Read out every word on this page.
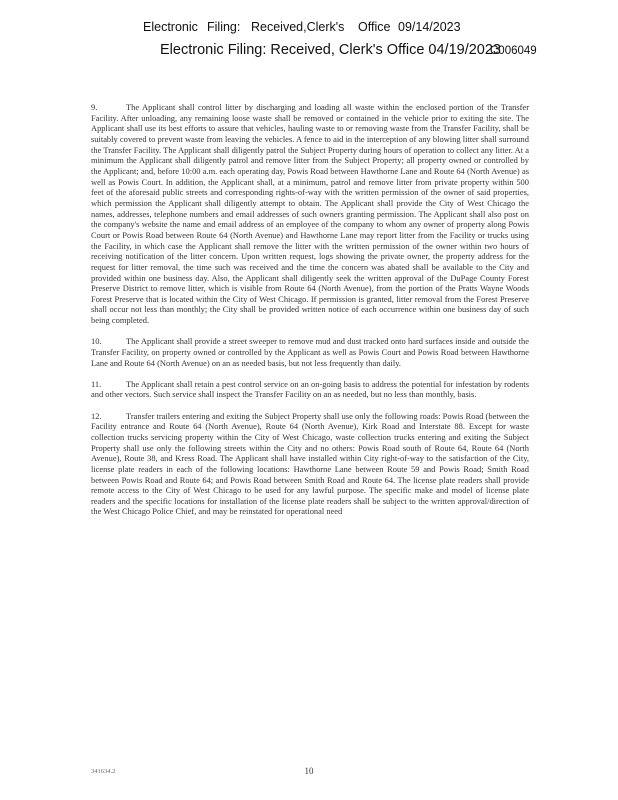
Electronic Filing: Received,Clerk's Office 09/14/2023
Electronic Filing: Received, Clerk's Office 04/19/2023
C006049

9.	The Applicant shall control litter by discharging and loading all waste within the enclosed portion of the Transfer Facility. After unloading, any remaining loose waste shall be removed or contained in the vehicle prior to exiting the site. The Applicant shall use its best efforts to assure that vehicles, hauling waste to or removing waste from the Transfer Facility, shall be suitably covered to prevent waste from leaving the vehicles. A fence to aid in the interception of any blowing litter shall surround the Transfer Facility. The Applicant shall diligently patrol the Subject Property during hours of operation to collect any litter. At a minimum the Applicant shall diligently patrol and remove litter from the Subject Property; all property owned or controlled by the Applicant; and, before 10:00 a.m. each operating day, Powis Road between Hawthorne Lane and Route 64 (North Avenue) as well as Powis Court. In addition, the Applicant shall, at a minimum, patrol and remove litter from private property within 500 feet of the aforesaid public streets and corresponding rights-of-way with the written permission of the owner of said properties, which permission the Applicant shall diligently attempt to obtain. The Applicant shall provide the City of West Chicago the names, addresses, telephone numbers and email addresses of such owners granting permission. The Applicant shall also post on the company's website the name and email address of an employee of the company to whom any owner of property along Powis Court or Powis Road between Route 64 (North Avenue) and Hawthorne Lane may report litter from the Facility or trucks using the Facility, in which case the Applicant shall remove the litter with the written permission of the owner within two hours of receiving notification of the litter concern. Upon written request, logs showing the private owner, the property address for the request for litter removal, the time such was received and the time the concern was abated shall be available to the City and provided within one business day. Also, the Applicant shall diligently seek the written approval of the DuPage County Forest Preserve District to remove litter, which is visible from Route 64 (North Avenue), from the portion of the Pratts Wayne Woods Forest Preserve that is located within the City of West Chicago. If permission is granted, litter removal from the Forest Preserve shall occur not less than monthly; the City shall be provided written notice of each occurrence within one business day of such being completed.

10.	The Applicant shall provide a street sweeper to remove mud and dust tracked onto hard surfaces inside and outside the Transfer Facility, on property owned or controlled by the Applicant as well as Powis Court and Powis Road between Hawthorne Lane and Route 64 (North Avenue) on an as needed basis, but not less frequently than daily.

11.	The Applicant shall retain a pest control service on an on-going basis to address the potential for infestation by rodents and other vectors. Such service shall inspect the Transfer Facility on an as needed, but no less than monthly, basis.

12.	Transfer trailers entering and exiting the Subject Property shall use only the following roads: Powis Road (between the Facility entrance and Route 64 (North Avenue), Route 64 (North Avenue), Kirk Road and Interstate 88. Except for waste collection trucks servicing property within the City of West Chicago, waste collection trucks entering and exiting the Subject Property shall use only the following streets within the City and no others: Powis Road south of Route 64, Route 64 (North Avenue), Route 38, and Kress Road. The Applicant shall have installed within City right-of-way to the satisfaction of the City, license plate readers in each of the following locations: Hawthorne Lane between Route 59 and Powis Road; Smith Road between Powis Road and Route 64; and Powis Road between Smith Road and Route 64. The license plate readers shall provide remote access to the City of West Chicago to be used for any lawful purpose. The specific make and model of license plate readers and the specific locations for installation of the license plate readers shall be subject to the written approval/direction of the West Chicago Police Chief, and may be reinstated for operational need

341634.2	10
